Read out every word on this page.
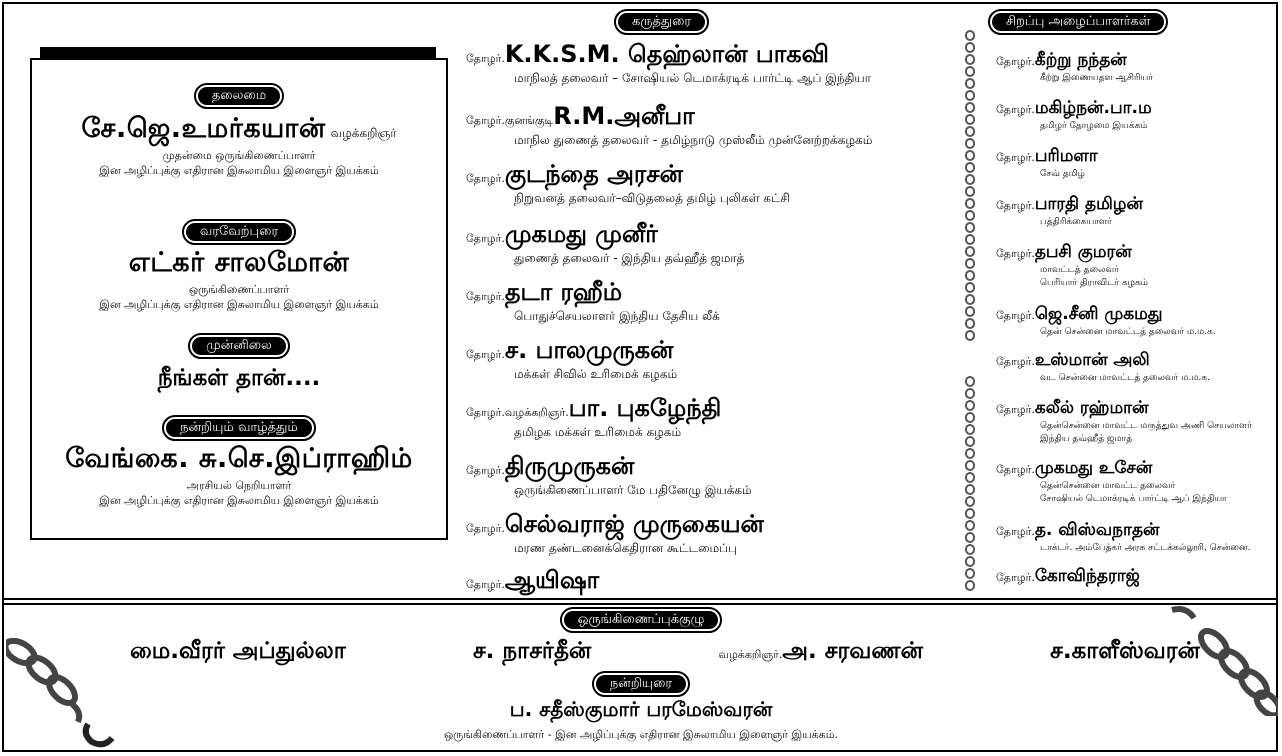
தலைமை
சே.ஜெ.உமர்கயான் வழக்கறிஞர்
முதன்மை ஒருங்கிணைப்பாளர்
இன அழிப்புக்கு எதிரான இசுலாமிய இளைஞர் இயக்கம்
வரவேற்புரை
எட்கர் சாலமோன்
ஒருங்கிணைப்பாளர்
இன அழிப்புக்கு எதிரான இசுலாமிய இளைஞர் இயக்கம்
முன்னிலை
நீங்கள் தான்....
நன்றியும் வாழ்த்தும்
வேங்கை. சு.செ.இப்ராஹிம்
அரசியல் நெறியாளர்
இன அழிப்புக்கு எதிரான இசுலாமிய இளைஞர் இயக்கம்
கருத்துரை
தோழர்.K.K.S.M. தெஹ்லான் பாகவி
மாநிலத் தலைவர் – சோஷியல் டெமாக்ரடிக் பார்ட்டி ஆப் இந்தியா
தோழர்.குனங்குடிR.M.அனீபா
மாநில துணைத் தலைவர் - தமிழ்நாடு முஸ்லீம் முன்னேற்றக்கழகம்
தோழர்.குடந்தை அரசன்
நிறுவனத் தலைவர்–விடுதலைத் தமிழ் புலிகள் கட்சி
தோழர்.முகமது முனீர்
துணைத் தலைவர் - இந்திய தவ்ஹீத் ஜமாத்
தோழர்.தடா ரஹீம்
பொதுச்செயலாளர் இந்திய தேசிய லீக்
தோழர்.ச. பாலமுருகன்
மக்கள் சிவில் உரிமைக் கழகம்
தோழர்.வழக்கறிஞர்.பா. புகழேந்தி
தமிழக மக்கள் உரிமைக் கழகம்
தோழர்.திருமுருகன்
ஒருங்கிணைப்பாளர் மே பதினேழு இயக்கம்
தோழர்.செல்வராஜ் முருகையன்
மரண தண்டனைக்கெதிரான கூட்டமைப்பு
தோழர்.ஆயிஷா
சிறப்பு அழைப்பாளர்கள்
தோழர்.கீற்று நந்தன்
கீற்று இணையதள ஆசிரியர்
தோழர்.மகிழ்நன்.பா.ம
தமிழர் தோழமை இயக்கம்
தோழர்.பரிமளா
சேவ் தமிழ்
தோழர்.பாரதி தமிழன்
பத்திரிக்கையாளர்
தோழர்.தபசி குமரன்
மாவட்டத் தலைவர்
பெரியார் திராவிடர் கழகம்
தோழர்.ஜெ.சீனி முகமது
தென் சென்னை மாவட்டத் தலைவர் ம.ம.க.
தோழர்.உஸ்மான் அலி
வட சென்னை மாவட்டத் தலைவர் ம.ம.க.
தோழர்.கலீல் ரஹ்மான்
தென்சென்னை மாவட்ட மருத்துவ அணி செயலாளர்
இந்திய தவ்ஹீத் ஜமாத்
தோழர்.முகமது உசேன்
தென்சென்னை மாவட்ட தலைவர்
சோஷியல் டெமாக்ரடிக் பார்ட்டி ஆப் இந்தியா
தோழர்.த. விஸ்வநாதன்
டாக்டர். அம்பேத்கர் அரசு சட்டக்கல்லூரி, சென்னை.
தோழர்.கோவிந்தராஜ்
ஒருங்கிணைப்புக்குழு
மை.வீரர் அப்துல்லா	ச. நாசர்தீன்	வழக்கறிஞர்.அ. சரவணன்	ச.காளீஸ்வரன்
நன்றியுரை
ப. சதீஸ்குமார் பரமேஸ்வரன்
ஒருங்கிணைப்பாளர் - இன அழிப்புக்கு எதிரான இசுலாமிய இளைஞர் இயக்கம்.
